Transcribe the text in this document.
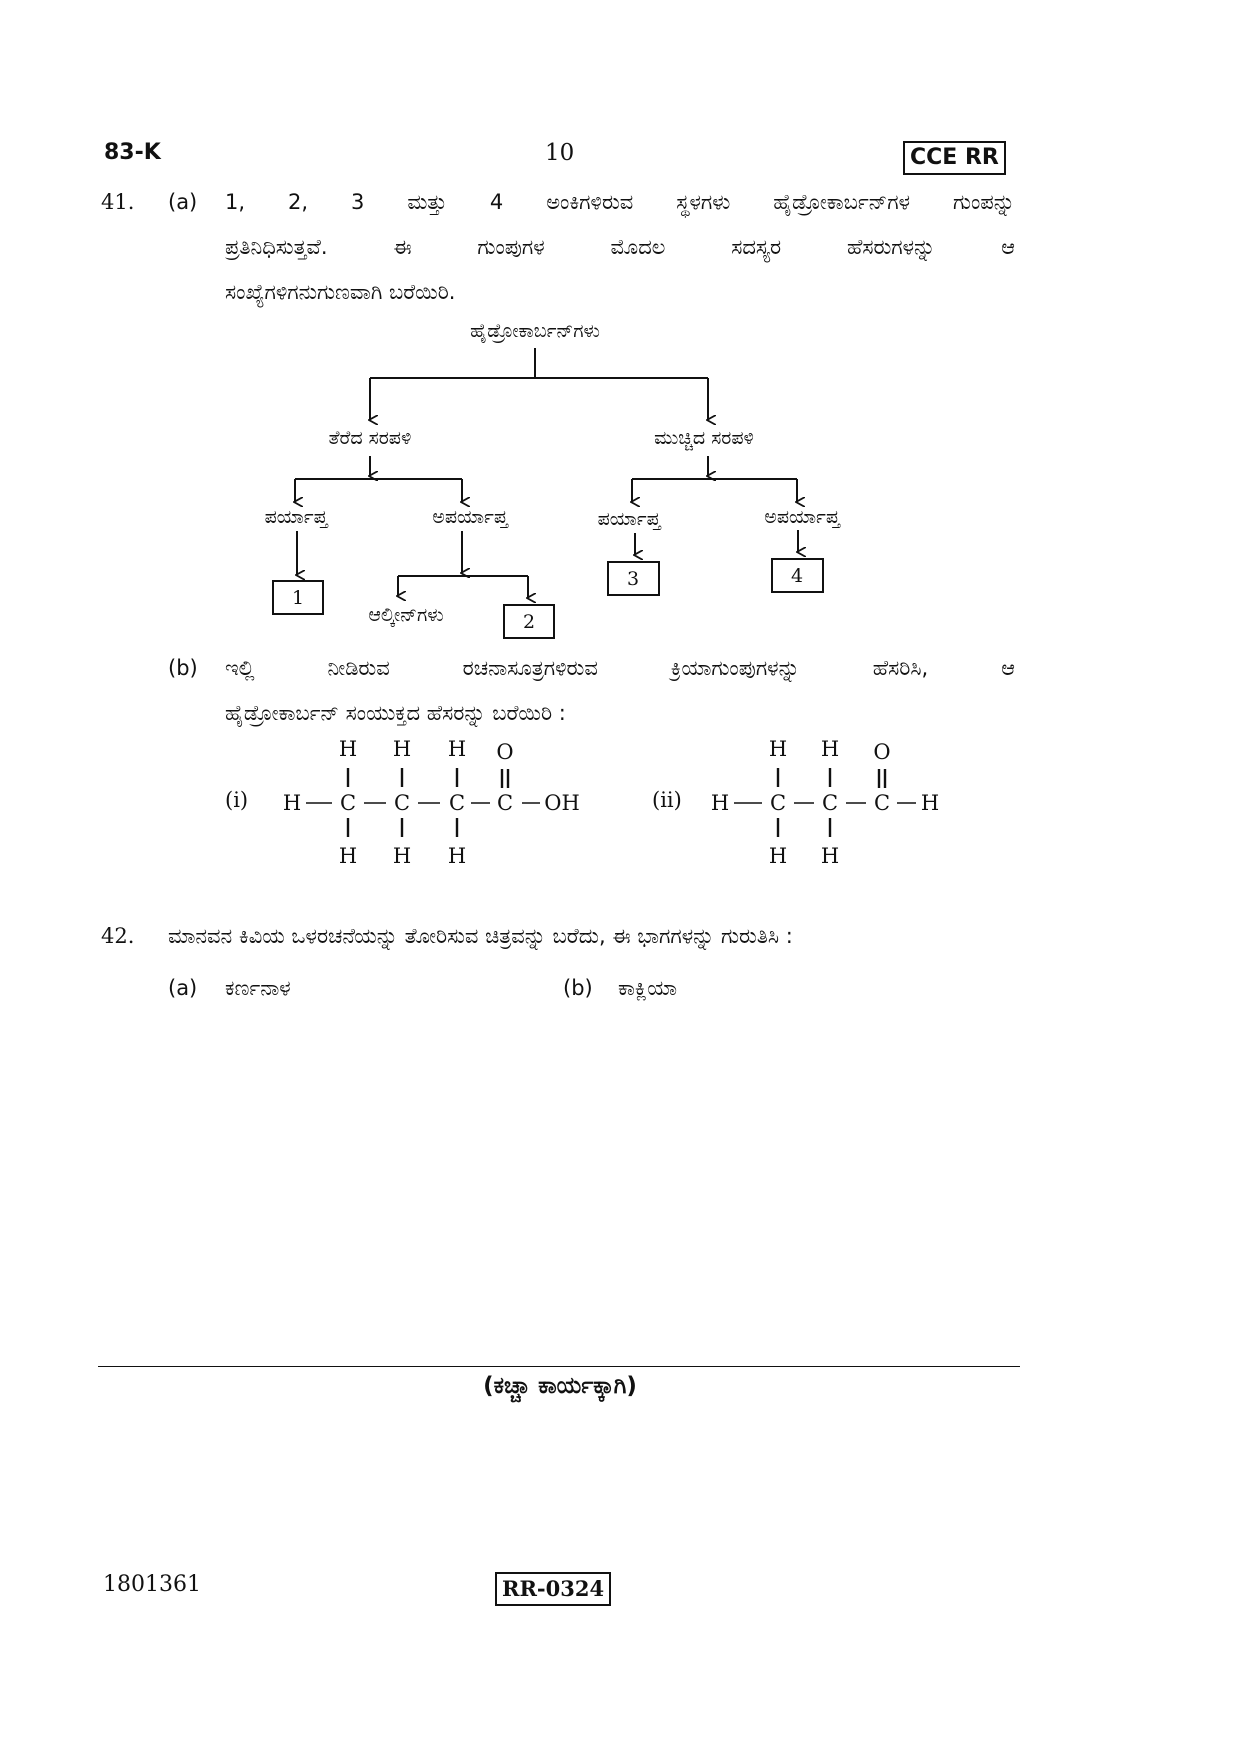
83-K	10	CCE RR
41. (a) 1, 2, 3 ಮತ್ತು 4 ಅಂಕಿಗಳಿರುವ ಸ್ಥಳಗಳು ಹೈಡ್ರೋಕಾರ್ಬನ್‌ಗಳ ಗುಂಪನ್ನು
ಪ್ರತಿನಿಧಿಸುತ್ತವೆ.	ಈ	ಗುಂಪುಗಳ	ಮೊದಲ	ಸದಸ್ಯರ	ಹೆಸರುಗಳನ್ನು	ಆ
ಸಂಖ್ಯೆಗಳಿಗನುಗುಣವಾಗಿ ಬರೆಯಿರಿ.
ಹೈಡ್ರೋಕಾರ್ಬನ್‌ಗಳು
ತೆರೆದ ಸರಪಳಿ	ಮುಚ್ಚಿದ ಸರಪಳಿ
ಪರ್ಯಾಪ್ತ	ಅಪರ್ಯಾಪ್ತ	ಪರ್ಯಾಪ್ತ	ಅಪರ್ಯಾಪ್ತ
ಆಲ್ಕೀನ್‌ಗಳು
1
2
3	4
(b) ಇಲ್ಲಿ	ನೀಡಿರುವ	ರಚನಾಸೂತ್ರಗಳಿರುವ	ಕ್ರಿಯಾಗುಂಪುಗಳನ್ನು	ಹೆಸರಿಸಿ,	ಆ
ಹೈಡ್ರೋಕಾರ್ಬನ್ ಸಂಯುಕ್ತದ ಹೆಸರನ್ನು ಬರೆಯಿರಿ :
(i)
H H H O
H C C C C OH
H H H
(ii)
H H O
H C C C H
H H
42. ಮಾನವನ ಕಿವಿಯ ಒಳರಚನೆಯನ್ನು ತೋರಿಸುವ ಚಿತ್ರವನ್ನು ಬರೆದು, ಈ ಭಾಗಗಳನ್ನು ಗುರುತಿಸಿ :
(a) ಕರ್ಣನಾಳ	(b) ಕಾಕ್ಲಿಯಾ
(ಕಚ್ಚಾ ಕಾರ್ಯಕ್ಕಾಗಿ)
1801361	RR-0324
